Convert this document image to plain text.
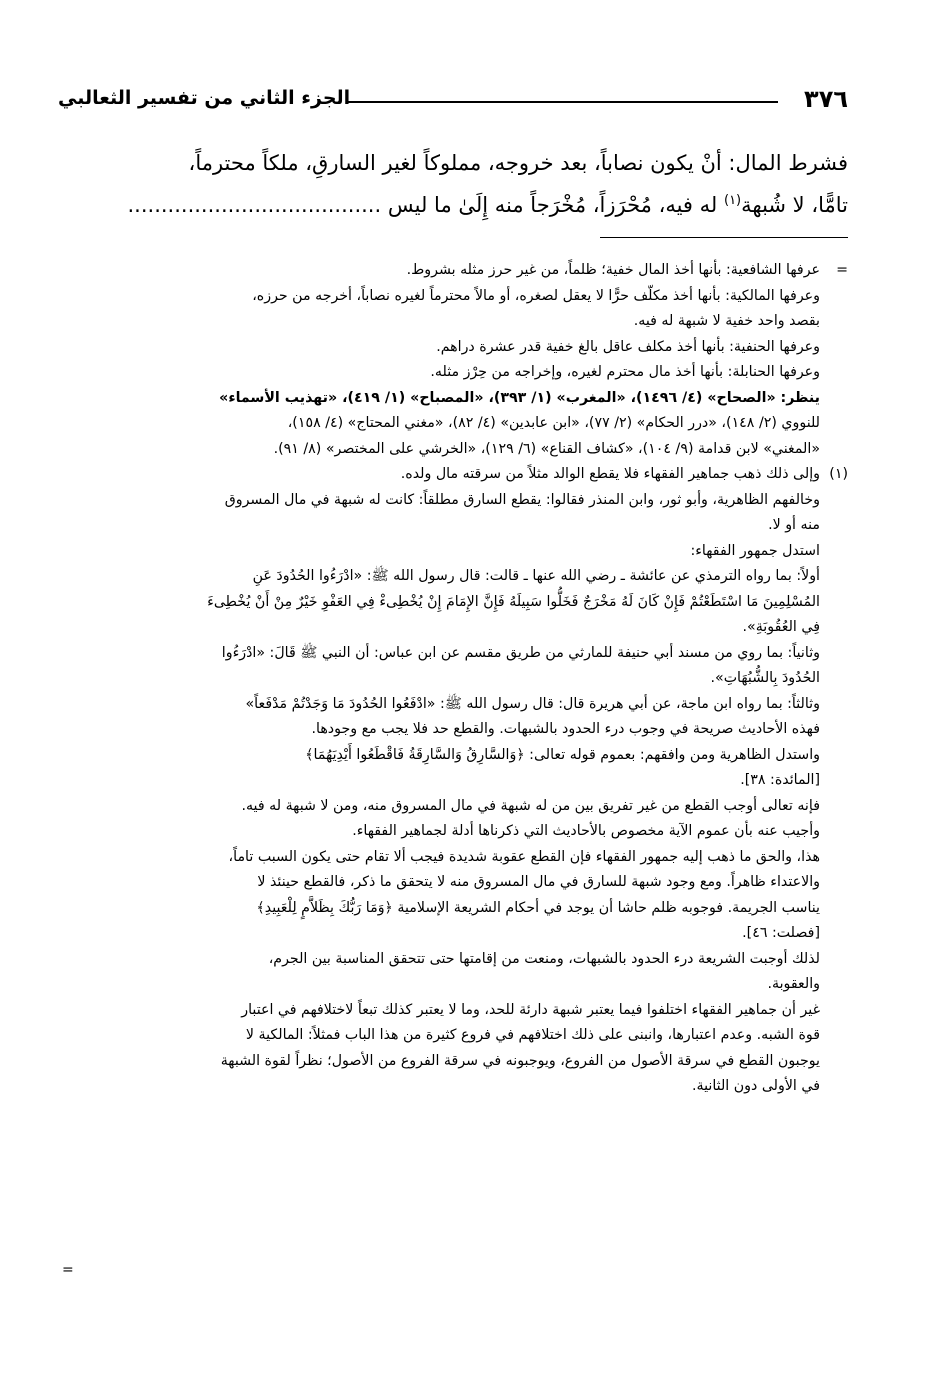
٣٧٦
الجزء الثاني من تفسير الثعالبي
فشرط المال: أنْ يكون نصاباً، بعد خروجه، مملوكاً لغير السارقِ، ملكاً محترماً،
تامًّا، لا شُبهة$^{(١)}$ له فيه، مُحْرَزاً، مُخْرَجاً منه إِلَىٰ ما ليس ......................................
=
عرفها الشافعية: بأنها أخذ المال خفية؛ ظلماً، من غير حرز مثله بشروط.
وعرفها المالكية: بأنها أخذ مكلّف حرًّا لا يعقل لصغره، أو مالاً محترماً لغيره نصاباً، أخرجه من حرزه،
بقصد واحد خفية لا شبهة له فيه.
وعرفها الحنفية: بأنها أخذ مكلف عاقل بالغ خفية قدر عشرة دراهم.
وعرفها الحنابلة: بأنها أخذ مال محترم لغيره، وإخراجه من حِرْز مثله.
ينظر: «الصحاح» (٤/ ١٤٩٦)، «المغرب» (١/ ٣٩٣)، «المصباح» (١/ ٤١٩)، «تهذيب الأسماء»
للنووي (٢/ ١٤٨)، «درر الحكام» (٢/ ٧٧)، «ابن عابدين» (٤/ ٨٢)، «مغني المحتاج» (٤/ ١٥٨)،
«المغني» لابن قدامة (٩/ ١٠٤)، «كشاف القناع» (٦/ ١٢٩)، «الخرشي على المختصر» (٨/ ٩١).
(١)
وإلى ذلك ذهب جماهير الفقهاء فلا يقطع الوالد مثلاً من سرقته مال ولده.
وخالفهم الظاهرية، وأبو ثور، وابن المنذر فقالوا: يقطع السارق مطلقاً: كانت له شبهة في مال المسروق
منه أو لا.
استدل جمهور الفقهاء:
أولاً: بما رواه الترمذي عن عائشة ـ رضي الله عنها ـ قالت: قال رسول الله ﷺ: «ادْرَءُوا الحُدُودَ عَنِ
المُسْلِمِينَ مَا اسْتَطَعْتُمْ فَإِنْ كَانَ لَهُ مَخْرَجٌ فَخَلُّوا سَبِيلَهُ فَإِنَّ الإِمَامَ إِنْ يُخْطِىءْ فِي العَفْوِ خَيْرٌ مِنْ أَنْ يُخْطِىءَ
فِي العُقُوبَةِ».
وثانياً: بما روي من مسند أبي حنيفة للمارثي من طريق مقسم عن ابن عباس: أن النبي ﷺ قَالَ: «ادْرَءُوا
الحُدُودَ بِالشُّبُهَاتِ».
وثالثاً: بما رواه ابن ماجة، عن أبي هريرة قال: قال رسول الله ﷺ: «ادْفَعُوا الحُدُودَ مَا وَجَدْتُمْ مَدْفَعاً»
فهذه الأحاديث صريحة في وجوب درء الحدود بالشبهات. والقطع حد فلا يجب مع وجودها.
واستدل الظاهرية ومن وافقهم: بعموم قوله تعالى: ﴿وَالسَّارِقُ وَالسَّارِقَةُ فَاقْطَعُوا أَيْدِيَهُمَا﴾
[المائدة: ٣٨].
فإنه تعالى أوجب القطع من غير تفريق بين من له شبهة في مال المسروق منه، ومن لا شبهة له فيه.
وأجيب عنه بأن عموم الآية مخصوص بالأحاديث التي ذكرناها أدلة لجماهير الفقهاء.
هذا، والحق ما ذهب إليه جمهور الفقهاء فإن القطع عقوبة شديدة فيجب ألا تقام حتى يكون السبب تاماً،
والاعتداء ظاهراً. ومع وجود شبهة للسارق في مال المسروق منه لا يتحقق ما ذكر، فالقطع حينئذ لا
يناسب الجريمة. فوجوبه ظلم حاشا أن يوجد في أحكام الشريعة الإسلامية ﴿وَمَا رَبُّكَ بِظَلاَّمٍ لِلْعَبِيدِ﴾
[فصلت: ٤٦].
لذلك أوجبت الشريعة درء الحدود بالشبهات، ومنعت من إقامتها حتى تتحقق المناسبة بين الجرم،
والعقوبة.
غير أن جماهير الفقهاء اختلفوا فيما يعتبر شبهة دارئة للحد، وما لا يعتبر كذلك تبعاً لاختلافهم في اعتبار
قوة الشبه. وعدم اعتبارها، وانبنى على ذلك اختلافهم في فروع كثيرة من هذا الباب فمثلاً: المالكية لا
يوجبون القطع في سرقة الأصول من الفروع، ويوجبونه في سرقة الفروع من الأصول؛ نظراً لقوة الشبهة
في الأولى دون الثانية.
=
